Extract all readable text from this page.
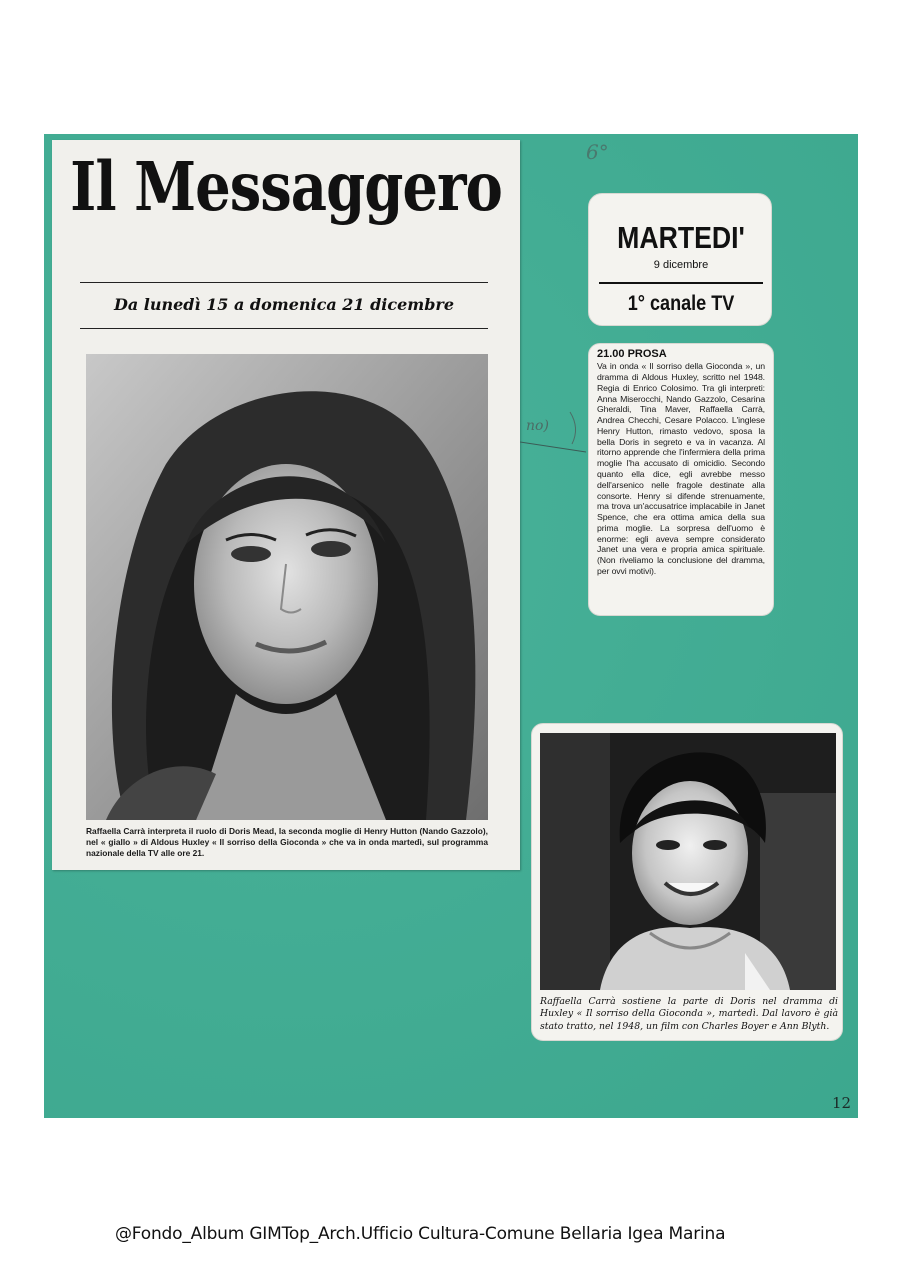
6°
Il Messaggero
Da lunedì 15 a domenica 21 dicembre
Raffaella Carrà interpreta il ruolo di Doris Mead, la seconda moglie di Henry Hutton (Nando Gazzolo), nel « giallo » di Aldous Huxley « Il sorriso della Gioconda » che va in onda martedì, sul programma nazionale della TV alle ore 21.
no)
MARTEDI'
9 dicembre
1° canale TV
21.00 PROSA
Va in onda « Il sorriso della Gioconda », un dramma di Aldous Huxley, scritto nel 1948. Regia di Enrico Colosimo. Tra gli interpreti: Anna Miserocchi, Nando Gazzolo, Cesarina Gheraldi, Tina Maver, Raffaella Carrà, Andrea Checchi, Cesare Polacco. L'inglese Henry Hutton, rimasto vedovo, sposa la bella Doris in segreto e va in vacanza. Al ritorno apprende che l'infermiera della prima moglie l'ha accusato di omicidio. Secondo quanto ella dice, egli avrebbe messo dell'arsenico nelle fragole destinate alla consorte. Henry si difende strenuamente, ma trova un'accusatrice implacabile in Janet Spence, che era ottima amica della sua prima moglie. La sorpresa dell'uomo è enorme: egli aveva sempre considerato Janet una vera e propria amica spirituale. (Non riveliamo la conclusione del dramma, per ovvi motivi).
Raffaella Carrà sostiene la parte di Doris nel dramma di Huxley « Il sorriso della Gioconda », martedì. Dal lavoro è già stato tratto, nel 1948, un film con Charles Boyer e Ann Blyth.
12
@Fondo_Album GIMTop_Arch.Ufficio Cultura-Comune Bellaria Igea Marina
